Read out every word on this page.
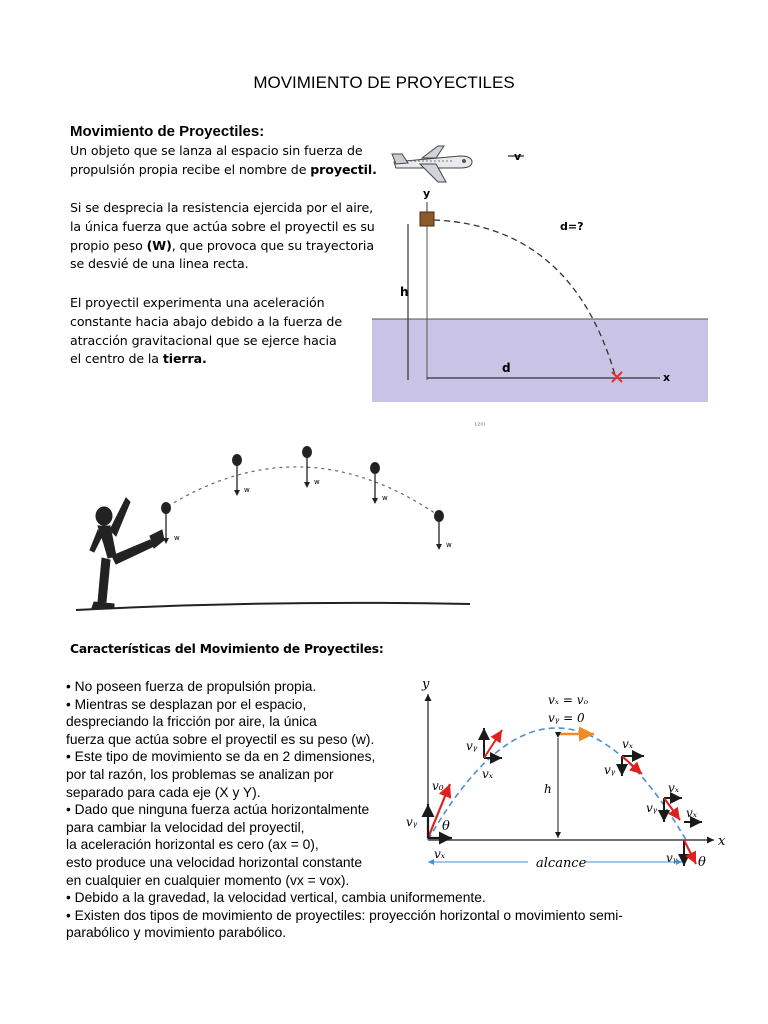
MOVIMIENTO DE PROYECTILES
Movimiento de Proyectiles:
Un objeto que se lanza al espacio sin fuerza de
propulsión propia recibe el nombre de proyectil.
Si se desprecia la resistencia ejercida por el aire,
la única fuerza que actúa sobre el proyectil es su
propio peso (W), que provoca que su trayectoria
se desvié de una linea recta.
El proyectil experimenta una aceleración
constante hacia abajo debido a la fuerza de
atracción gravitacional que se ejerce hacia
el centro de la tierra.
v
y
h
d=?
d
x
¹²⁰⁾
w
w
w
w
w
Características del Movimiento de Proyectiles:
• No poseen fuerza de propulsión propia.
• Mientras se desplazan por el espacio,
despreciando la fricción por aire, la única
fuerza que actúa sobre el proyectil es su peso (w).
• Este tipo de movimiento se da en 2 dimensiones,
por tal razón, los problemas se analizan por
separado para cada eje (X y Y).
• Dado que ninguna fuerza actúa horizontalmente
para cambiar la velocidad del proyectil,
la aceleración horizontal es cero (ax = 0),
esto produce una velocidad horizontal constante
en cualquier en cualquier momento (vx = vox).
• Debido a la gravedad, la velocidad vertical, cambia uniformemente.
• Existen dos tipos de movimiento de proyectiles: proyección horizontal o movimiento semi-
parabólico y movimiento parabólico.
y
x
vₓ = vₒ
vᵧ = 0
h
v₀
vᵧ θ
vₓ
vᵧ
vₓ
vₓ
vᵧ
vₓ
vᵧ vₓ
vᵧ θ
alcance
